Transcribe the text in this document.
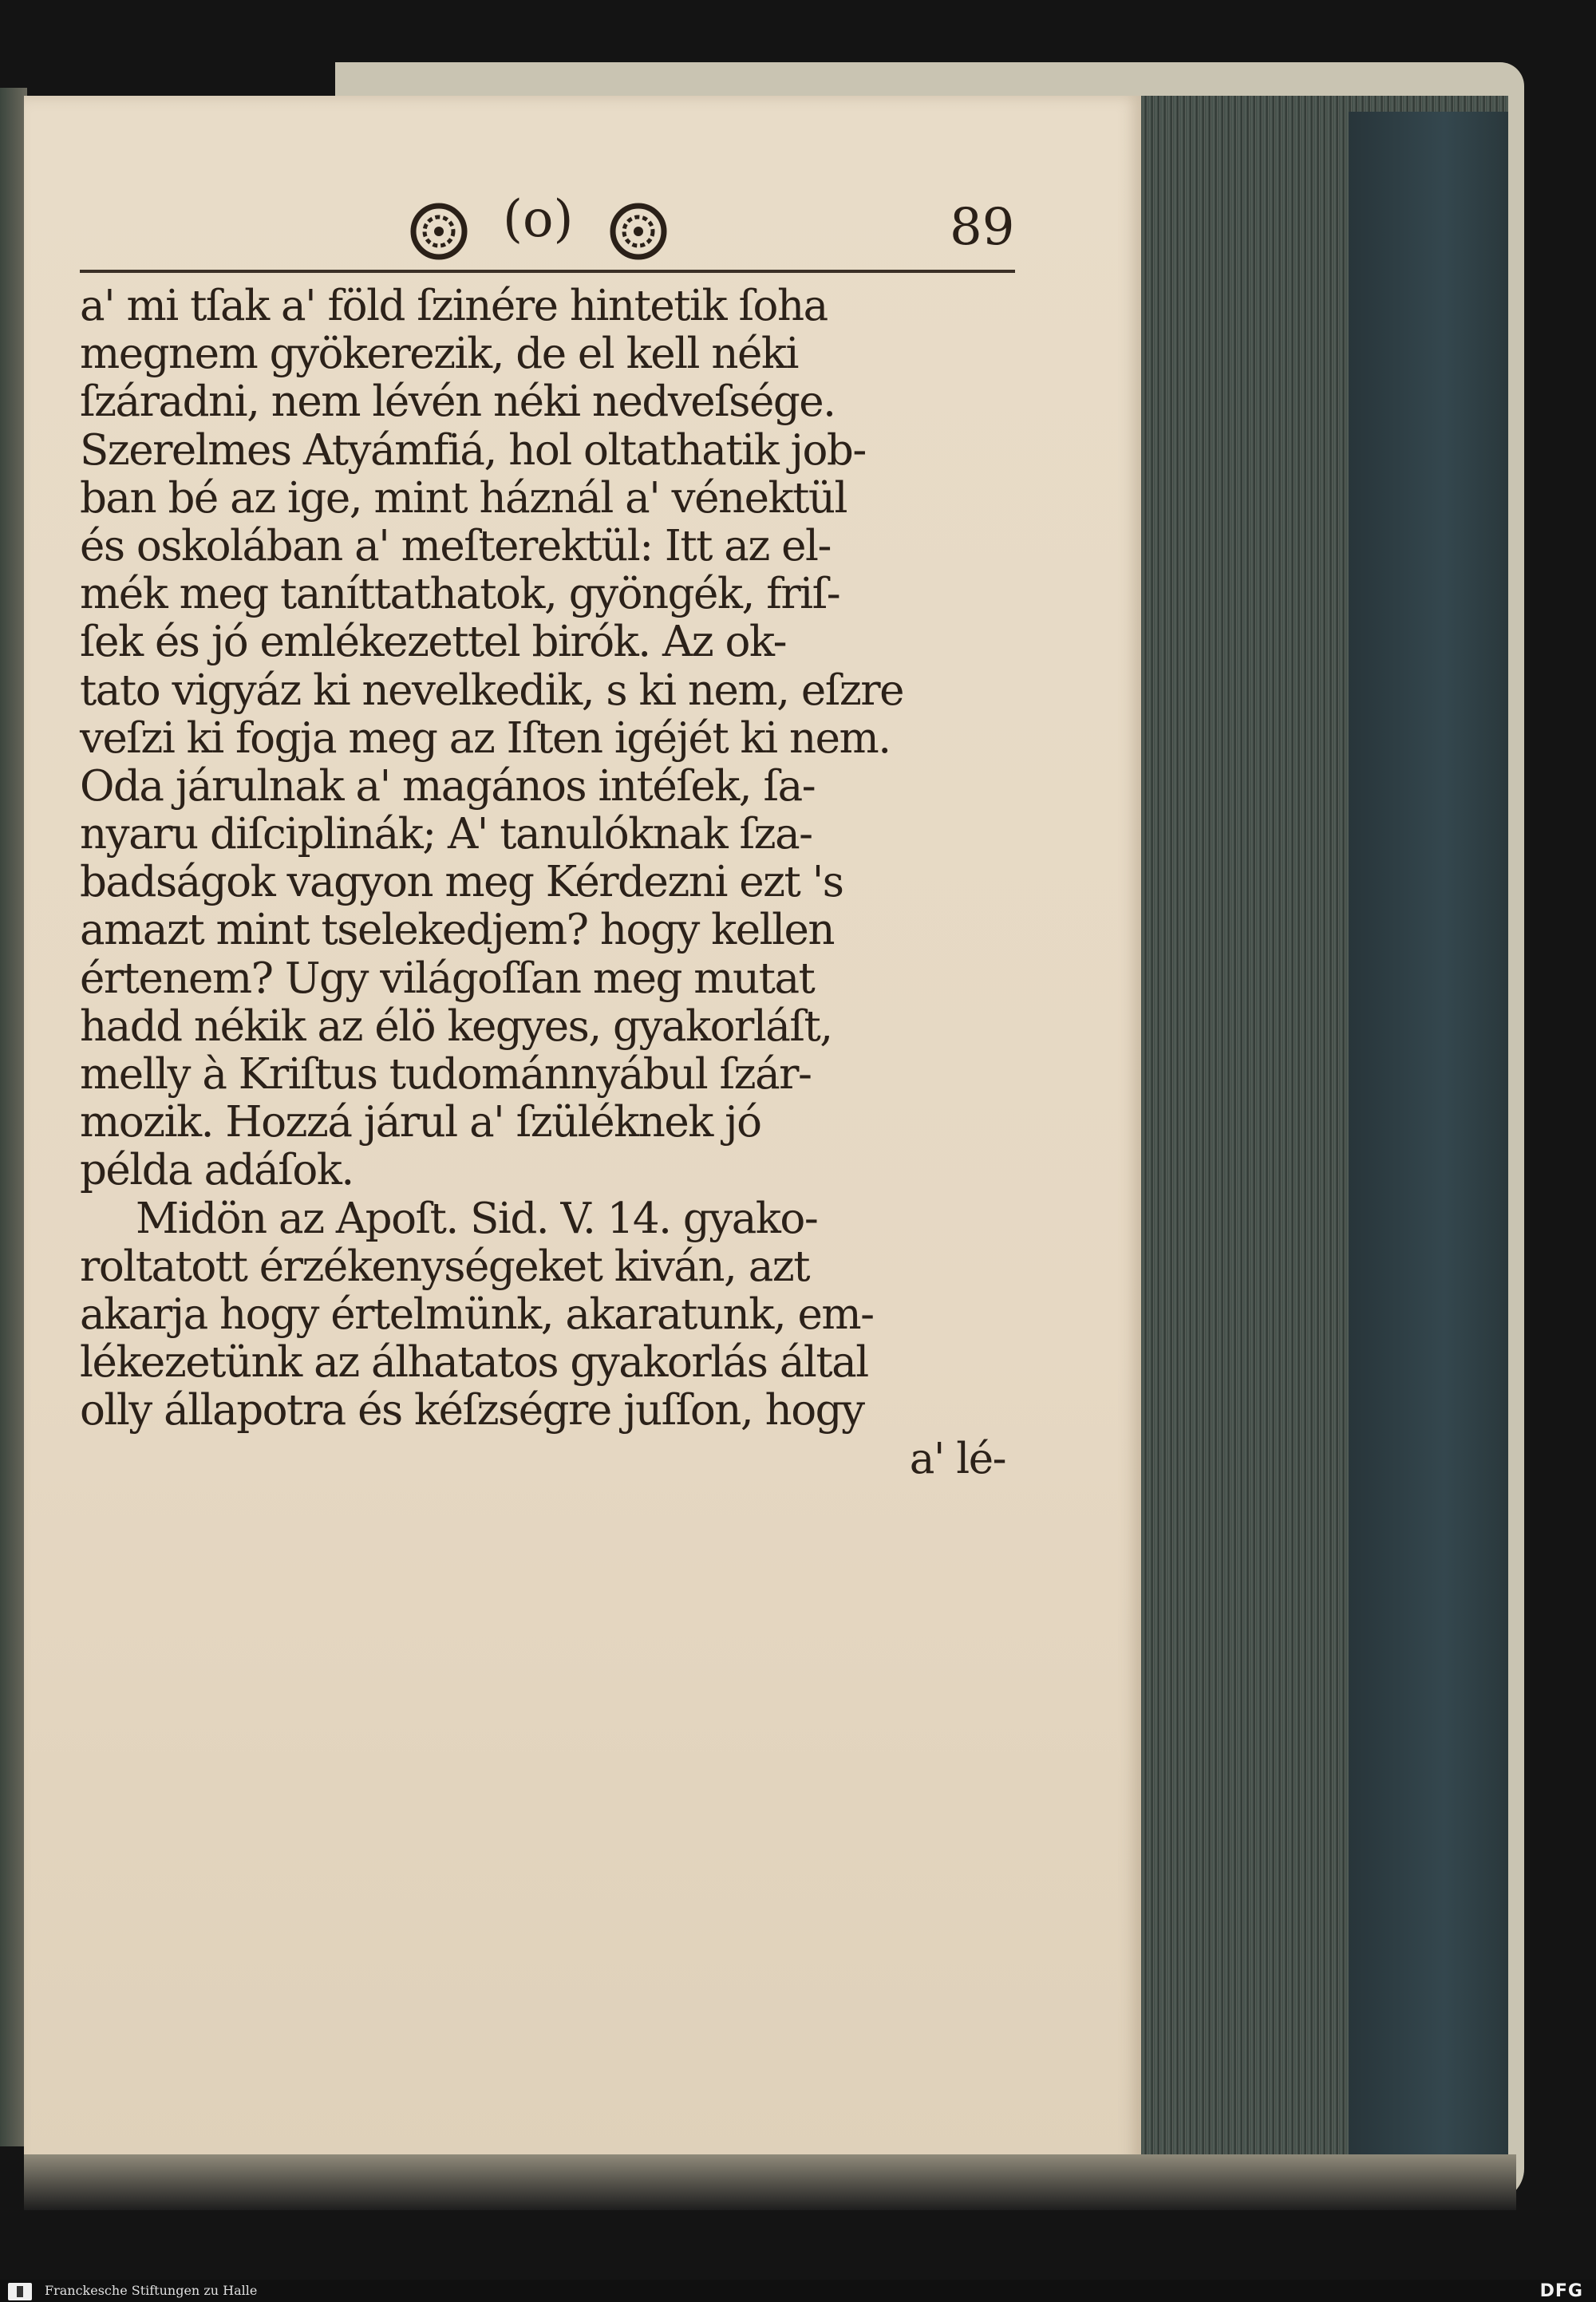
(o)	89
a' mi tſak a' föld ſzinére hintetik ſoha
megnem gyökerezik, de el kell néki
ſzáradni, nem lévén néki nedveſsége.
Szerelmes Atyámfiá, hol oltathatik job-
ban bé az ige, mint háznál a' vénektül
és oskolában a' meſterektül: Itt az el-
mék meg taníttathatok, gyöngék, friſ-
ſek és jó emlékezettel birók. Az ok-
tato vigyáz ki nevelkedik, s ki nem, eſzre
veſzi ki fogja meg az Iſten igéjét ki nem.
Oda járulnak a' magános intéſek, ſa-
nyaru diſciplinák; A' tanulóknak ſza-
badságok vagyon meg Kérdezni ezt 's
amazt mint tselekedjem? hogy kellen
értenem? Ugy világoſſan meg mutat
hadd nékik az élö kegyes, gyakorláſt,
melly à Kriſtus tudománnyábul ſzár-
mozik. Hozzá járul a' ſzüléknek jó
példa adáſok.
Midön az Apoſt. Sid. V. 14. gyako-
roltatott érzékenységeket kiván, azt
akarja hogy értelmünk, akaratunk, em-
lékezetünk az álhatatos gyakorlás által
olly állapotra és kéſzségre juſſon, hogy
a' lé-
Franckesche Stiftungen zu Halle	DFG
